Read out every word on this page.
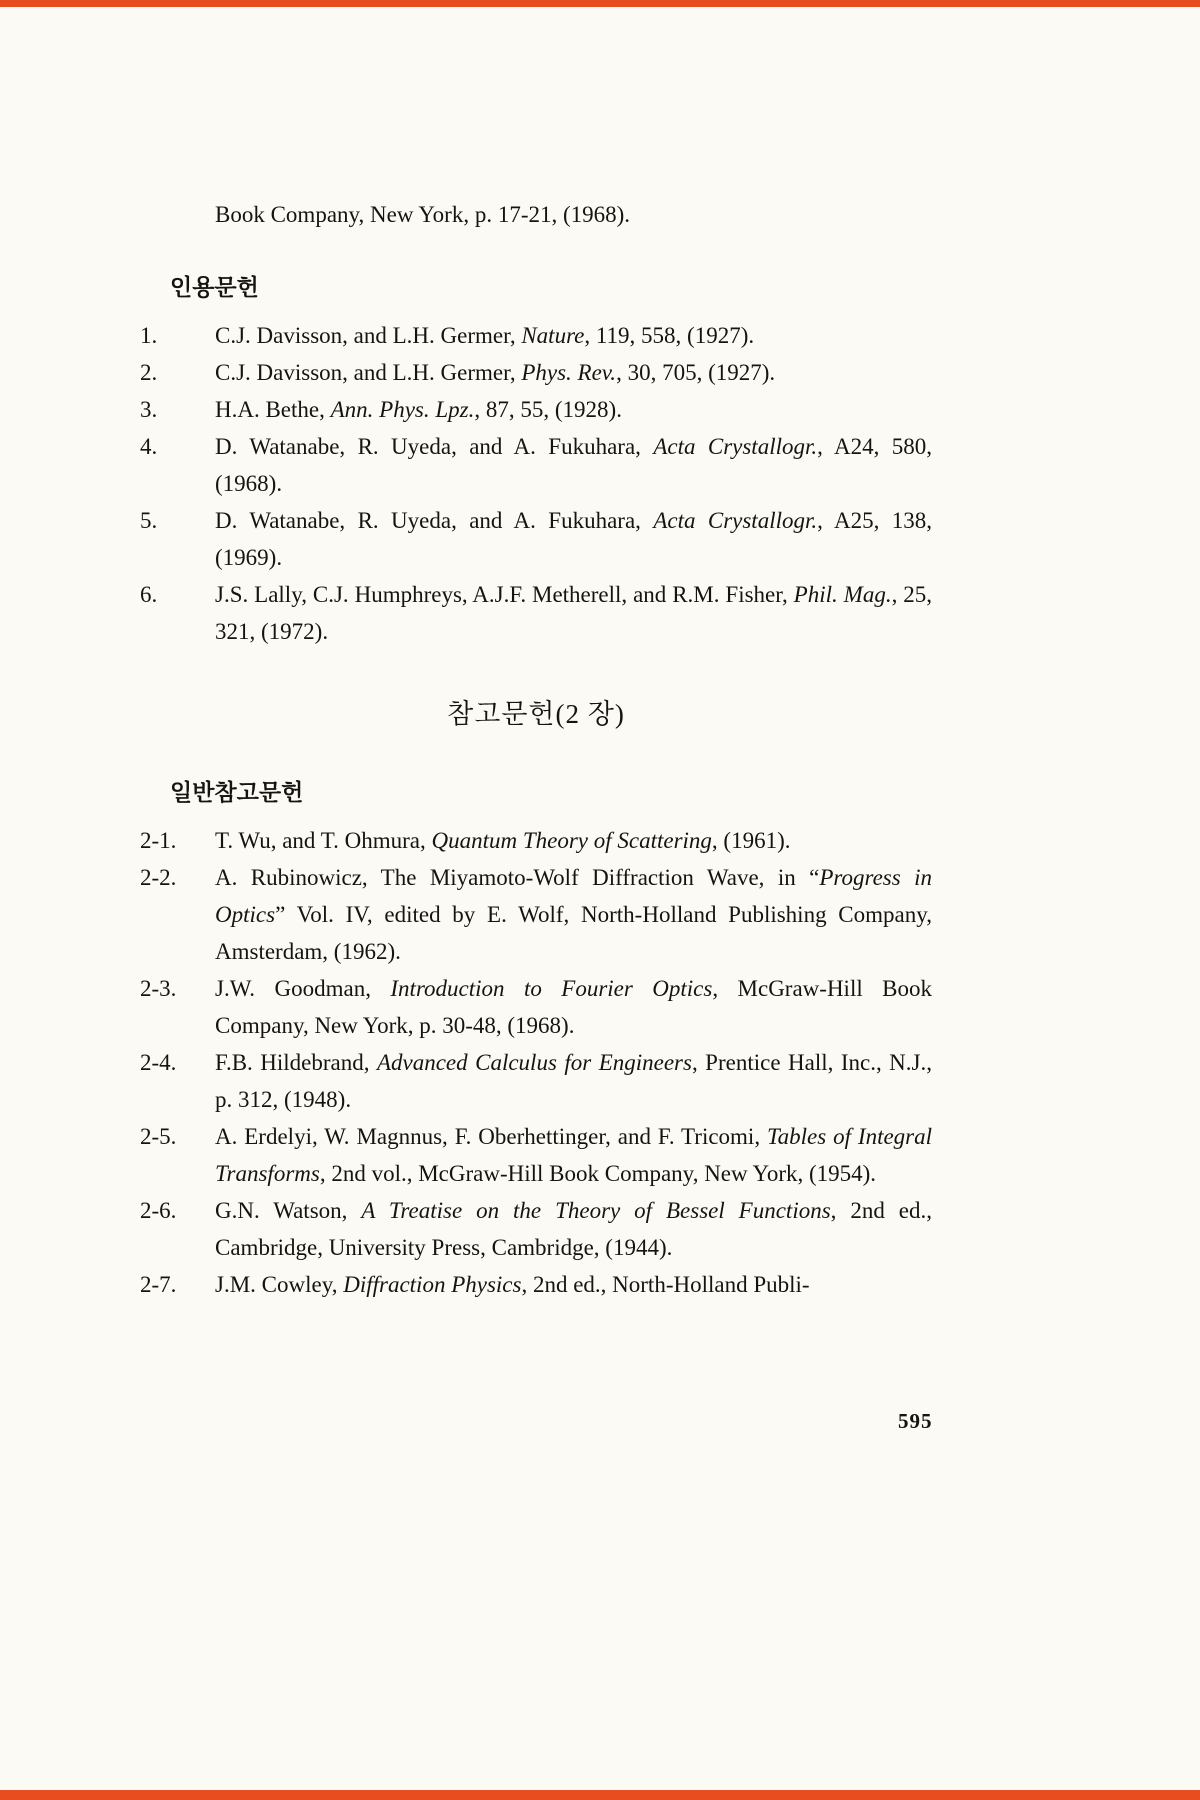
Book Company, New York, p. 17-21, (1968).

인용문헌
1.	C.J. Davisson, and L.H. Germer, Nature, 119, 558, (1927).
2.	C.J. Davisson, and L.H. Germer, Phys. Rev., 30, 705, (1927).
3.	H.A. Bethe, Ann. Phys. Lpz., 87, 55, (1928).
4.	D. Watanabe, R. Uyeda, and A. Fukuhara, Acta Crystallogr., A24, 580, (1968).
5.	D. Watanabe, R. Uyeda, and A. Fukuhara, Acta Crystallogr., A25, 138, (1969).
6.	J.S. Lally, C.J. Humphreys, A.J.F. Metherell, and R.M. Fisher, Phil. Mag., 25, 321, (1972).
참고문헌(2 장)
일반참고문헌
2-1.	T. Wu, and T. Ohmura, Quantum Theory of Scattering, (1961).
2-2.	A. Rubinowicz, The Miyamoto-Wolf Diffraction Wave, in “Progress in Optics” Vol. IV, edited by E. Wolf, North-Holland Publishing Company, Amsterdam, (1962).
2-3.	J.W. Goodman, Introduction to Fourier Optics, McGraw-Hill Book Company, New York, p. 30-48, (1968).
2-4.	F.B. Hildebrand, Advanced Calculus for Engineers, Prentice Hall, Inc., N.J., p. 312, (1948).
2-5.	A. Erdelyi, W. Magnnus, F. Oberhettinger, and F. Tricomi, Tables of Integral Transforms, 2nd vol., McGraw-Hill Book Company, New York, (1954).
2-6.	G.N. Watson, A Treatise on the Theory of Bessel Functions, 2nd ed., Cambridge, University Press, Cambridge, (1944).
2-7.	J.M. Cowley, Diffraction Physics, 2nd ed., North-Holland Publi-
595
